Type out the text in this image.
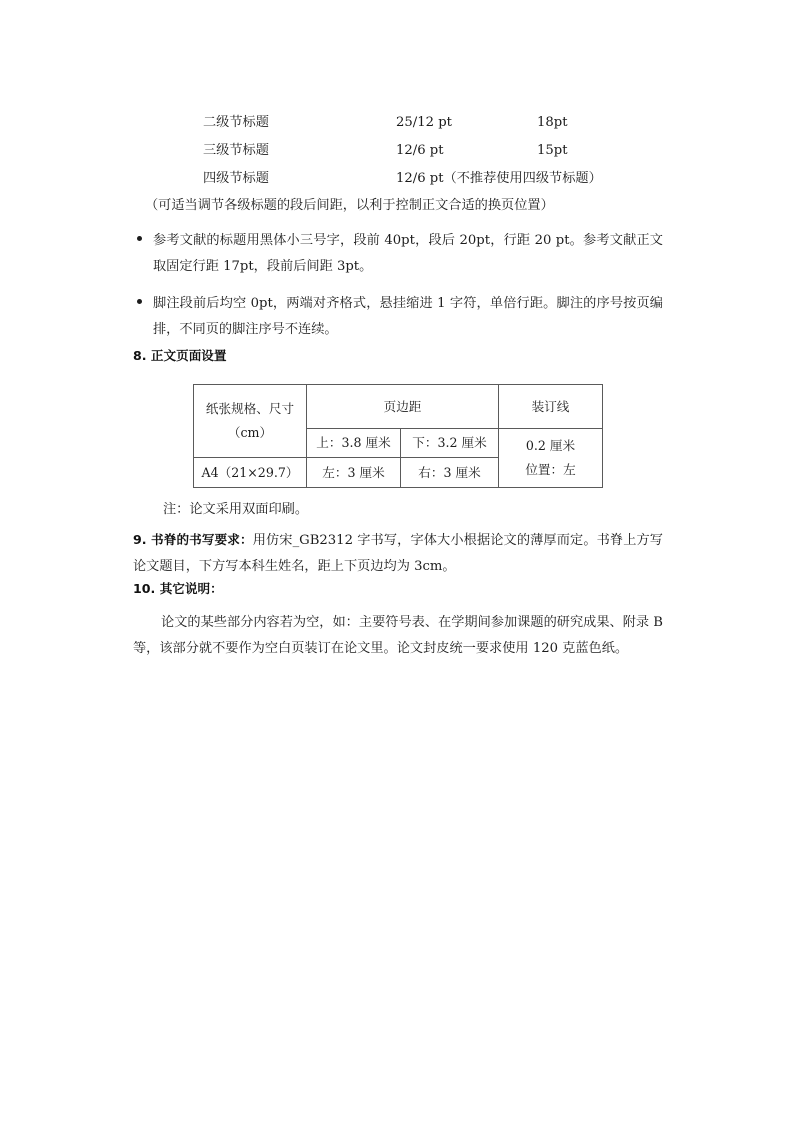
二级节标题	25/12 pt	18pt
三级节标题	12/6 pt	15pt
四级节标题	12/6 pt（不推荐使用四级节标题）
（可适当调节各级标题的段后间距，以利于控制正文合适的换页位置）
参考文献的标题用黑体小三号字，段前 40pt，段后 20pt，行距 20 pt。参考文献正文取固定行距 17pt，段前后间距 3pt。
脚注段前后均空 0pt，两端对齐格式，悬挂缩进 1 字符，单倍行距。脚注的序号按页编排，不同页的脚注序号不连续。
8. 正文页面设置
纸张规格、尺寸
（cm）	页边距		装订线
	上：3.8 厘米	下：3.2 厘米	0.2 厘米
位置：左

A4（21×29.7）	左：3 厘米	右：3 厘米	
注：论文采用双面印刷。
9. 书脊的书写要求：用仿宋_GB2312 字书写，字体大小根据论文的薄厚而定。书脊上方写论文题目，下方写本科生姓名，距上下页边均为 3cm。
10. 其它说明：
论文的某些部分内容若为空，如：主要符号表、在学期间参加课题的研究成果、附录 B 等，该部分就不要作为空白页装订在论文里。论文封皮统一要求使用 120 克蓝色纸。
